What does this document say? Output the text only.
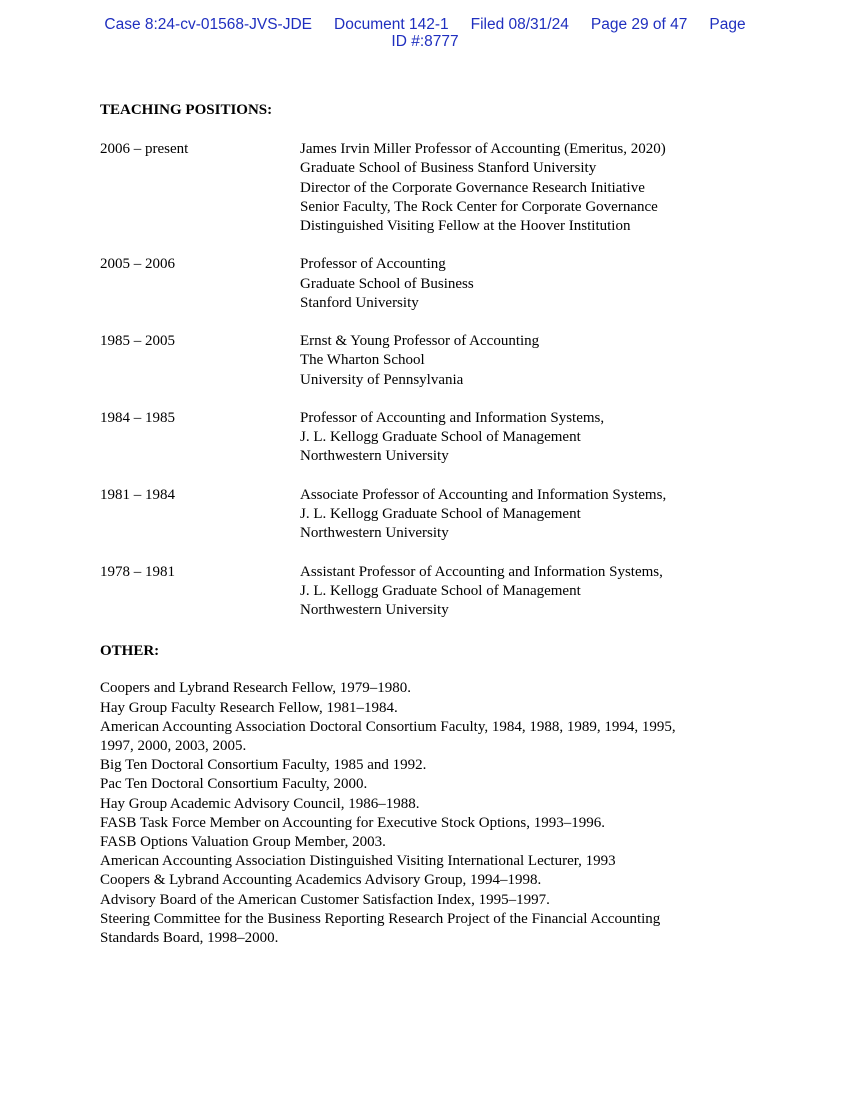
Case 8:24-cv-01568-JVS-JDE Document 142-1 Filed 08/31/24 Page 29 of 47 Page
ID #:8777

TEACHING POSITIONS:

2006 – present	James Irvin Miller Professor of Accounting (Emeritus, 2020)
Graduate School of Business Stanford University
Director of the Corporate Governance Research Initiative
Senior Faculty, The Rock Center for Corporate Governance
Distinguished Visiting Fellow at the Hoover Institution
2005 – 2006	Professor of Accounting
Graduate School of Business
Stanford University
1985 – 2005	Ernst & Young Professor of Accounting
The Wharton School
University of Pennsylvania
1984 – 1985	Professor of Accounting and Information Systems,
J. L. Kellogg Graduate School of Management
Northwestern University
1981 – 1984	Associate Professor of Accounting and Information Systems,
J. L. Kellogg Graduate School of Management
Northwestern University
1978 – 1981	Assistant Professor of Accounting and Information Systems,
J. L. Kellogg Graduate School of Management
Northwestern University

OTHER:

Coopers and Lybrand Research Fellow, 1979–1980.
Hay Group Faculty Research Fellow, 1981–1984.
American Accounting Association Doctoral Consortium Faculty, 1984, 1988, 1989, 1994, 1995,
1997, 2000, 2003, 2005.
Big Ten Doctoral Consortium Faculty, 1985 and 1992.
Pac Ten Doctoral Consortium Faculty, 2000.
Hay Group Academic Advisory Council, 1986–1988.
FASB Task Force Member on Accounting for Executive Stock Options, 1993–1996.
FASB Options Valuation Group Member, 2003.
American Accounting Association Distinguished Visiting International Lecturer, 1993
Coopers & Lybrand Accounting Academics Advisory Group, 1994–1998.
Advisory Board of the American Customer Satisfaction Index, 1995–1997.
Steering Committee for the Business Reporting Research Project of the Financial Accounting
Standards Board, 1998–2000.
